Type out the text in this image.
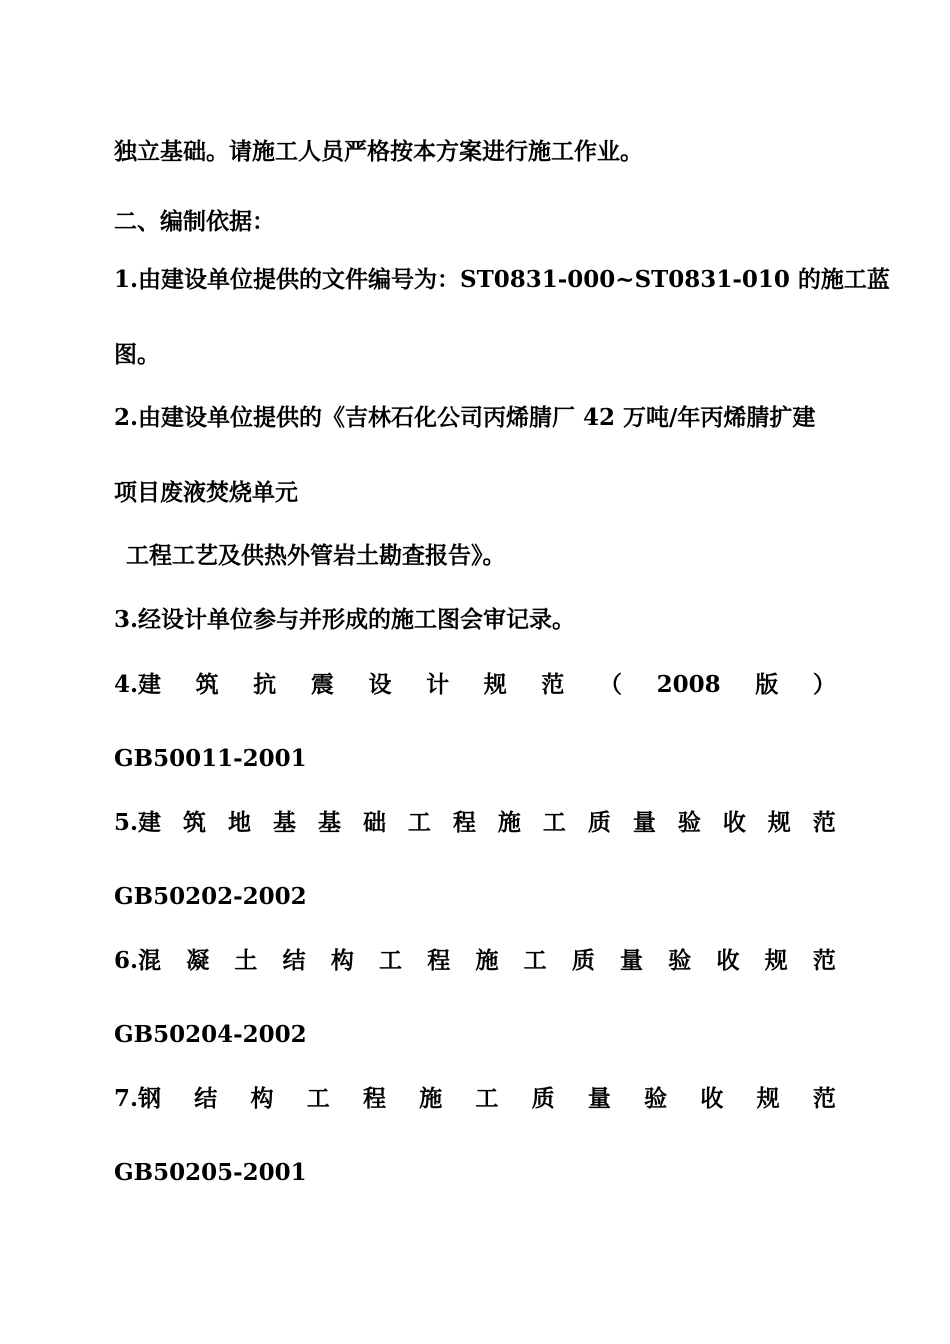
独立基础。请施工人员严格按本方案进行施工作业。
二、编制依据：
1.由建设单位提供的文件编号为：ST0831-000~ST0831-010 的施工蓝
图。
2.由建设单位提供的《吉林石化公司丙烯腈厂 42 万吨/年丙烯腈扩建
项目废液焚烧单元
工程工艺及供热外管岩土勘查报告》。
3.经设计单位参与并形成的施工图会审记录。
4.建 筑 抗 震 设 计 规 范 （ 2008 版 ）
GB50011-2001
5.建 筑 地 基 基 础 工 程 施 工 质 量 验 收 规 范
GB50202-2002
6.混 凝 土 结 构 工 程 施 工 质 量 验 收 规 范
GB50204-2002
7.钢 结 构 工 程 施 工 质 量 验 收 规 范
GB50205-2001
